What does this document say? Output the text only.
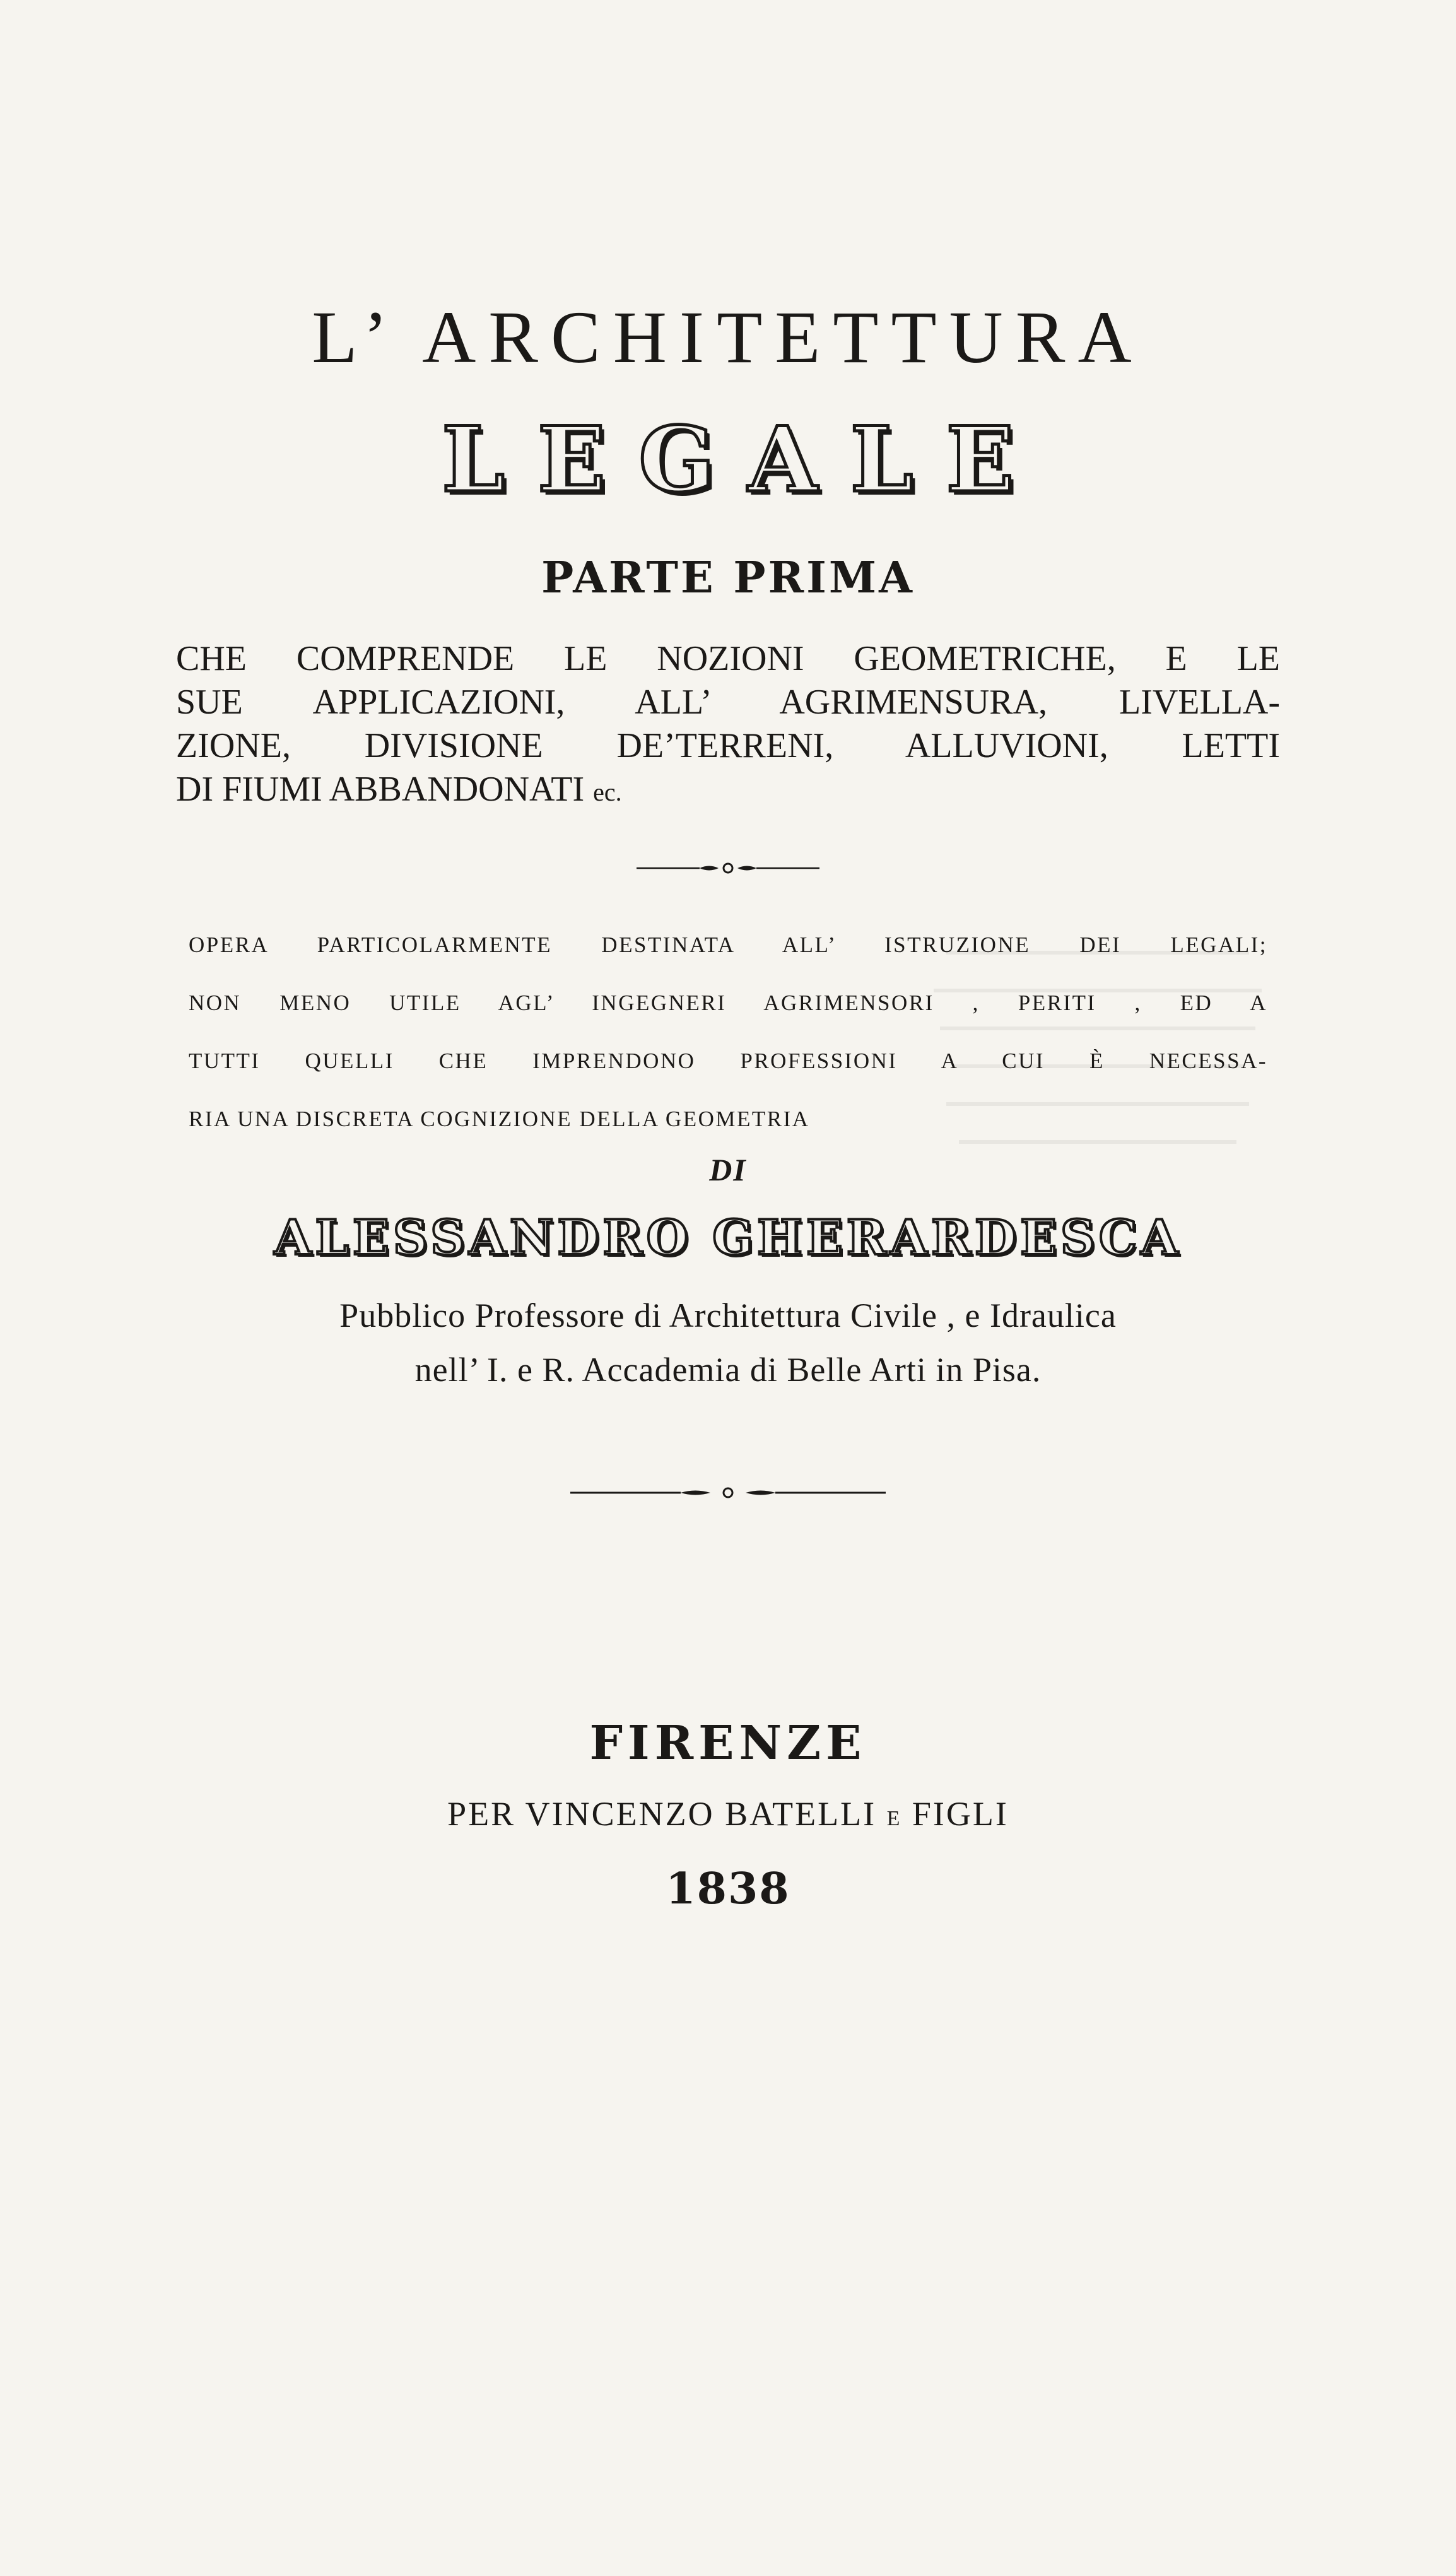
L’ ARCHITETTURA
LEGALE
PARTE PRIMA
CHE COMPRENDE LE NOZIONI GEOMETRICHE, E LE
SUE APPLICAZIONI, ALL’ AGRIMENSURA, LIVELLA-
ZIONE, DIVISIONE DE’TERRENI, ALLUVIONI, LETTI
DI FIUMI ABBANDONATI ec.
OPERA PARTICOLARMENTE DESTINATA ALL’ ISTRUZIONE DEI LEGALI;
NON MENO UTILE AGL’ INGEGNERI AGRIMENSORI , PERITI , ED A
TUTTI QUELLI CHE IMPRENDONO PROFESSIONI A CUI È NECESSA-
RIA UNA DISCRETA COGNIZIONE DELLA GEOMETRIA
DI
ALESSANDRO GHERARDESCA
Pubblico Professore di Architettura Civile , e Idraulica
nell’ I. e R. Accademia di Belle Arti in Pisa.
FIRENZE
PER VINCENZO BATELLI E FIGLI
1838
